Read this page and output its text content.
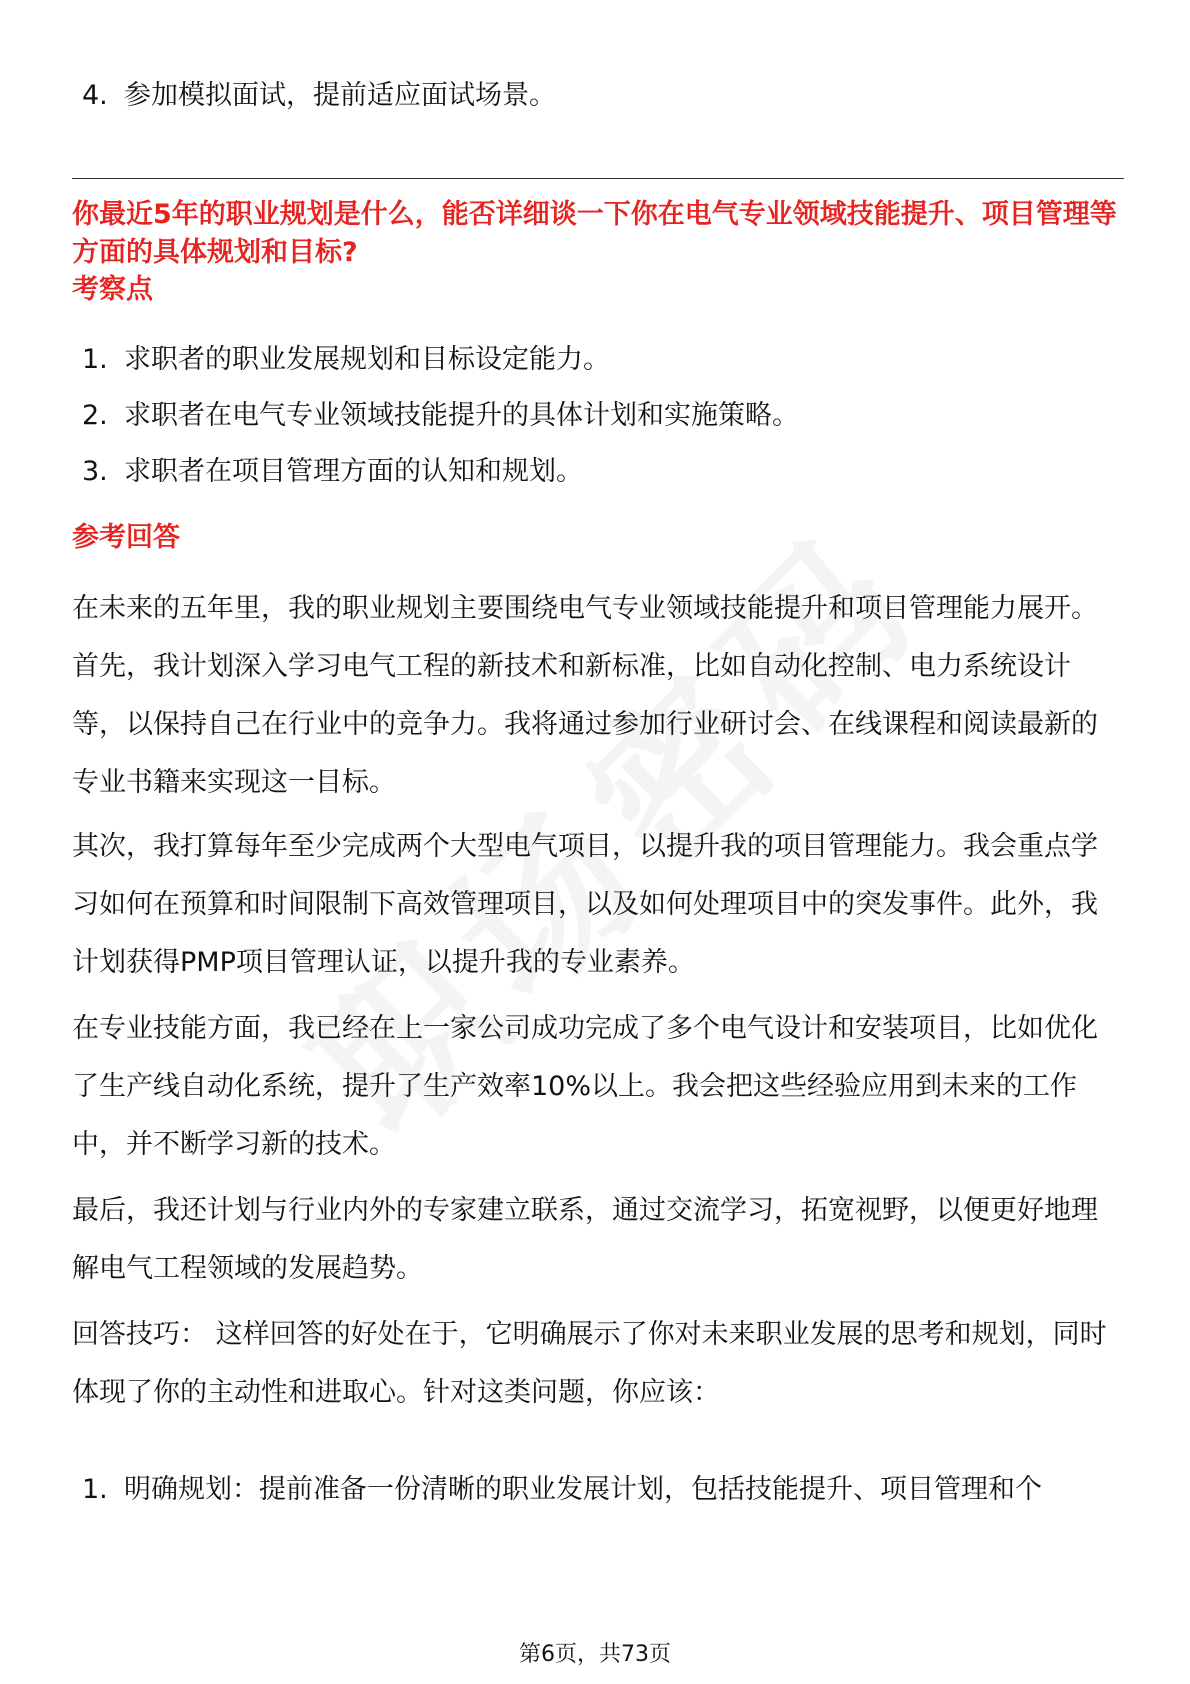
4. 参加模拟面试，提前适应面试场景。
你最近5年的职业规划是什么，能否详细谈一下你在电气专业领域技能提升、项目管理等方面的具体规划和目标?
考察点
1. 求职者的职业发展规划和目标设定能力。
2. 求职者在电气专业领域技能提升的具体计划和实施策略。
3. 求职者在项目管理方面的认知和规划。
参考回答

在未来的五年里，我的职业规划主要围绕电气专业领域技能提升和项目管理能力展开。首先，我计划深入学习电气工程的新技术和新标准，比如自动化控制、电力系统设计等，以保持自己在行业中的竞争力。我将通过参加行业研讨会、在线课程和阅读最新的专业书籍来实现这一目标。

其次，我打算每年至少完成两个大型电气项目，以提升我的项目管理能力。我会重点学习如何在预算和时间限制下高效管理项目，以及如何处理项目中的突发事件。此外，我计划获得PMP项目管理认证，以提升我的专业素养。

在专业技能方面，我已经在上一家公司成功完成了多个电气设计和安装项目，比如优化了生产线自动化系统，提升了生产效率10%以上。我会把这些经验应用到未来的工作中，并不断学习新的技术。

最后，我还计划与行业内外的专家建立联系，通过交流学习，拓宽视野，以便更好地理解电气工程领域的发展趋势。

回答技巧： 这样回答的好处在于，它明确展示了你对未来职业发展的思考和规划，同时体现了你的主动性和进取心。针对这类问题，你应该：

1. 明确规划：提前准备一份清晰的职业发展计划，包括技能提升、项目管理和个
第6页，共73页
